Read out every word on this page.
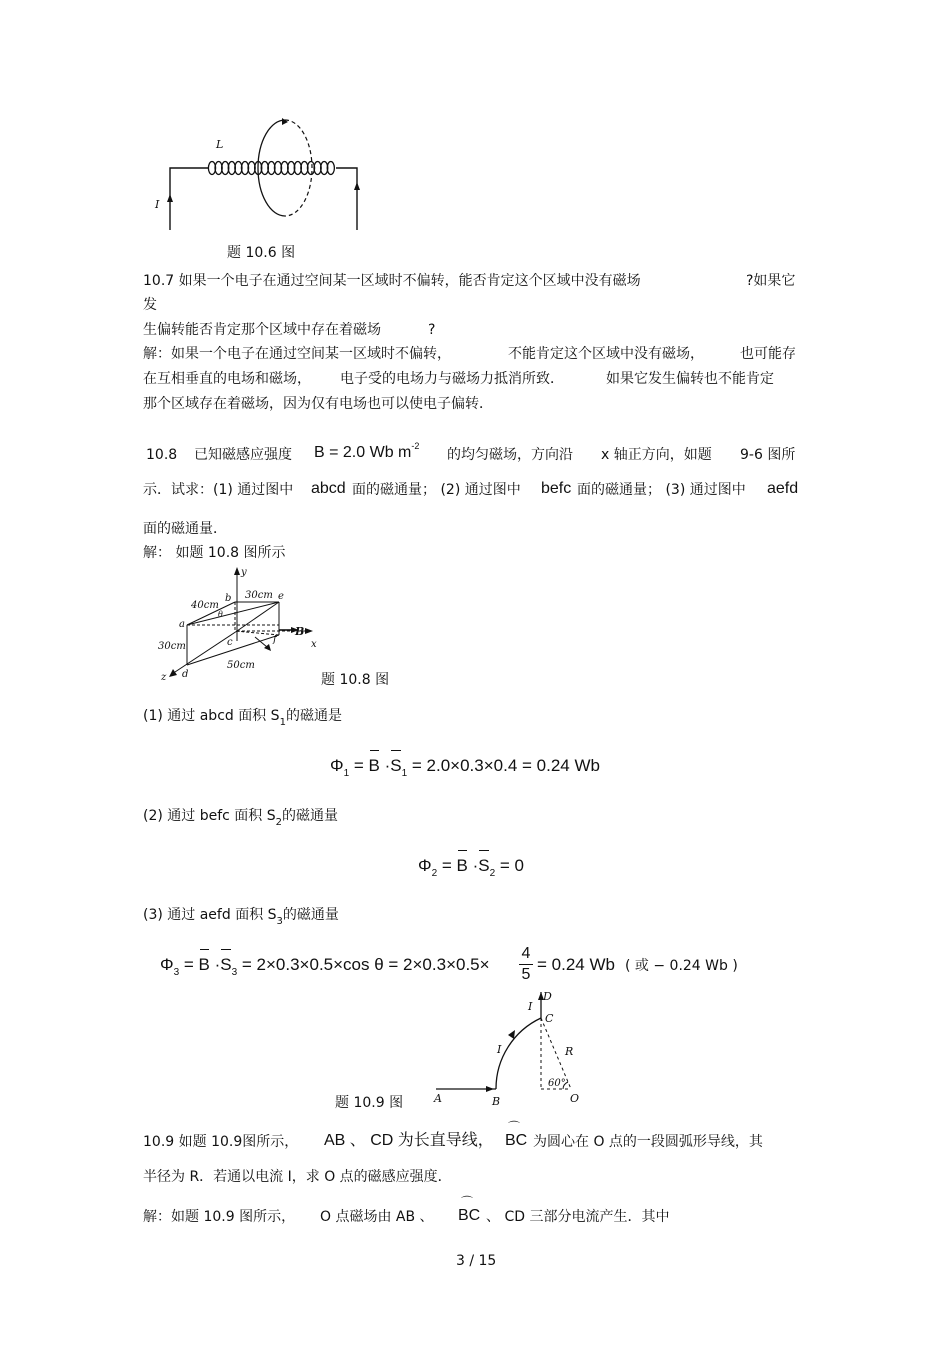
L
I
题 10.6 图
10.7 如果一个电子在通过空间某一区域时不偏转，能否肯定这个区域中没有磁场	?如果它
发
生偏转能否肯定那个区域中存在着磁场	?
解：如果一个电子在通过空间某一区域时不偏转，	不能肯定这个区域中没有磁场，	也可能存
在互相垂直的电场和磁场， 电子受的电场力与磁场力抵消所致．	如果它发生偏转也不能肯定
那个区域存在着磁场，因为仅有电场也可以使电子偏转．
10.8 已知磁感应强度 B = 2.0 Wb $m^{-2}$
的均匀磁场，方向沿 x 轴正方向，如题 9-6 图所
示．试求：(1) 通过图中 abcd 面的磁通量； (2) 通过图中 befc 面的磁通量； (3) 通过图中 aefd
面的磁通量．
解： 如题 10.8 图所示
y
x
z
a
b
c
d
e
f
B
θ
40cm
30cm
30cm
50cm
题 10.8 图
(1) 通过 abcd 面积 $S_1$的磁通是
$\Phi_1 = B \cdot S_1 = 2.0\times 0.3\times 0.4 = 0.24$ Wb
(2) 通过 befc 面积 $S_2$的磁通量
$\Phi_2 = B \cdot S_2 = 0$
(3) 通过 aefd 面积 $S_3$的磁通量
$\Phi_3 = B \cdot S_3 = 2\times 0.3\times 0.5\times\cos$ $\theta = 2\times 0.3\times 0.5\times \frac{4}{5} = 0.24$ Wb ( 或 − 0.24 Wb )
D
C
I
I	R
60°
A	B	O
题 10.9 图
10.9 如题 10.9图所示， AB 、 CD 为长直导线， ⌒ BC 为圆心在 O 点的一段圆弧形导线，其
半径为 R．若通以电流 I，求 O 点的磁感应强度．
解：如题 10.9 图所示， O 点磁场由 AB 、 ⌒ BC 、 CD 三部分电流产生．其中
3 / 15
